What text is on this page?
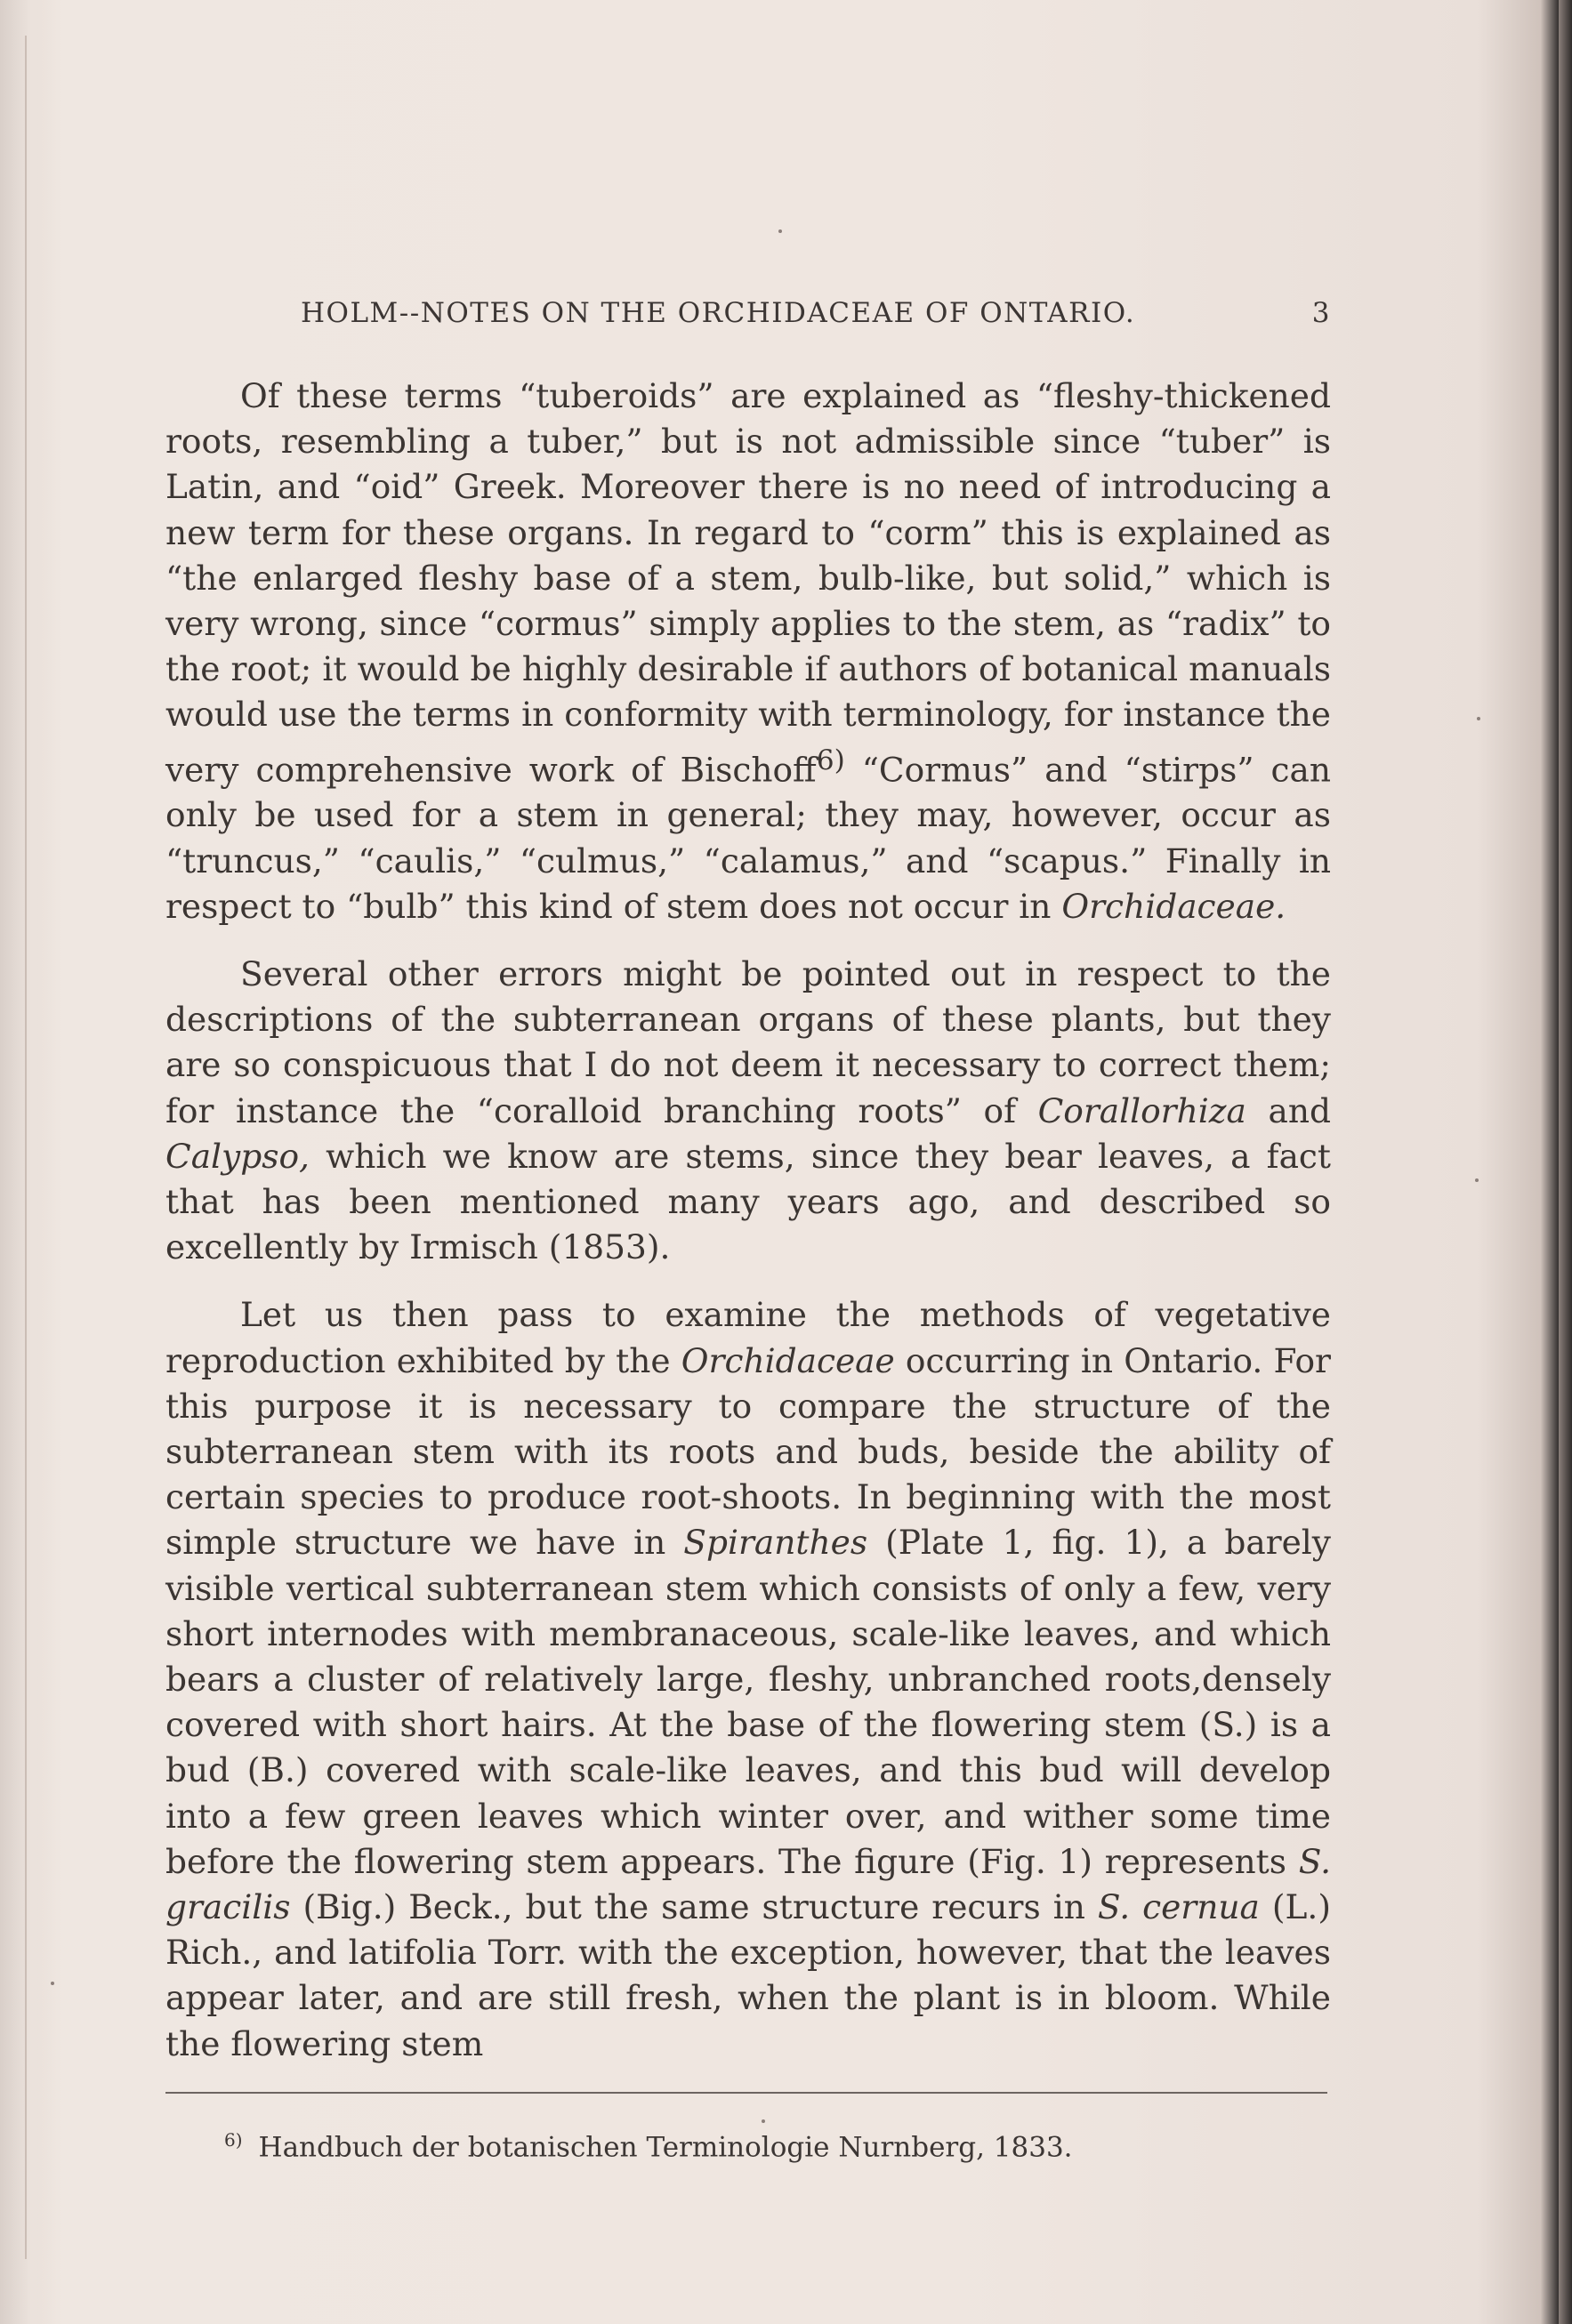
HOLM--NOTES ON THE ORCHIDACEAE OF ONTARIO.	3

Of these terms “tuberoids” are explained as “fleshy-thickened roots, resembling a tuber,” but is not admissible since “tuber” is Latin, and “oid” Greek. Moreover there is no need of introducing a new term for these organs. In regard to “corm” this is explained as “the enlarged fleshy base of a stem, bulb-like, but solid,” which is very wrong, since “cormus” simply applies to the stem, as “radix” to the root; it would be highly desirable if authors of botanical manuals would use the terms in conformity with terminology, for instance the very comprehensive work of Bischoff$^{6)}$ “Cormus” and “stirps” can only be used for a stem in general; they may, however, occur as “truncus,” “caulis,” “culmus,” “calamus,” and “scapus.” Finally in respect to “bulb” this kind of stem does not occur in Orchidaceae.

Several other errors might be pointed out in respect to the descriptions of the subterranean organs of these plants, but they are so conspicuous that I do not deem it necessary to correct them; for instance the “coralloid branching roots” of Corallorhiza and Calypso, which we know are stems, since they bear leaves, a fact that has been mentioned many years ago, and described so excellently by Irmisch (1853).

Let us then pass to examine the methods of vegetative reproduction exhibited by the Orchidaceae occurring in Ontario. For this purpose it is necessary to compare the structure of the subterranean stem with its roots and buds, beside the ability of certain species to produce root-shoots. In beginning with the most simple structure we have in Spiranthes (Plate 1, fig. 1), a barely visible vertical subterranean stem which consists of only a few, very short internodes with membranaceous, scale-like leaves, and which bears a cluster of relatively large, fleshy, unbranched roots,densely covered with short hairs. At the base of the flowering stem (S.) is a bud (B.) covered with scale-like leaves, and this bud will develop into a few green leaves which winter over, and wither some time before the flowering stem appears. The figure (Fig. 1) represents S. gracilis (Big.) Beck., but the same structure recurs in S. cernua (L.) Rich., and latifolia Torr. with the exception, however, that the leaves appear later, and are still fresh, when the plant is in bloom. While the flowering stem

$^{6)}$ Handbuch der botanischen Terminologie Nurnberg, 1833.
